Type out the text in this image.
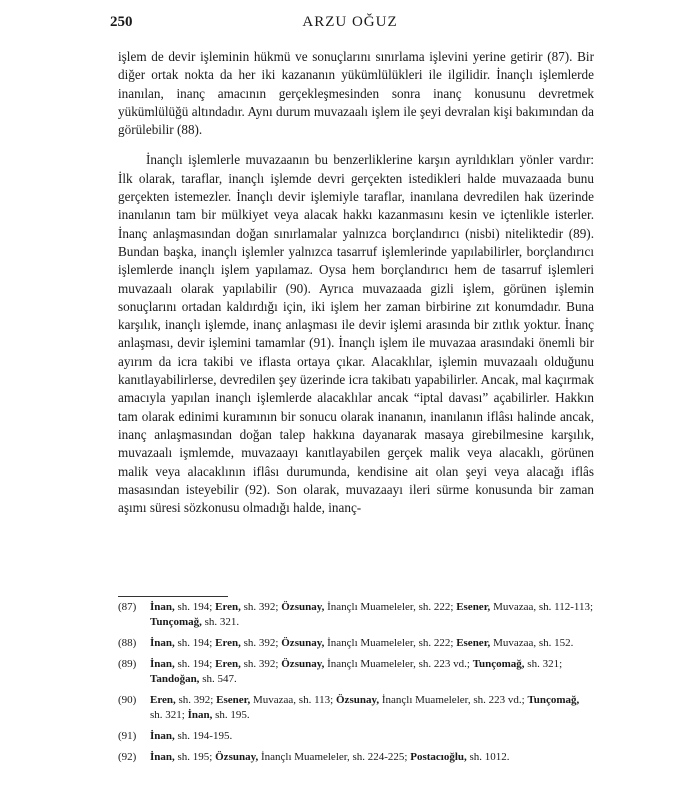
250	ARZU OĞUZ

işlem de devir işleminin hükmü ve sonuçlarını sınırlama işlevini yerine getirir (87). Bir diğer ortak nokta da her iki kazananın yükümlülükleri ile ilgilidir. İnançlı işlemlerde inanılan, inanç amacının gerçekleşmesinden sonra inanç konusunu devretmek yükümlülüğü altındadır. Aynı durum muvazaalı işlem ile şeyi devralan kişi bakımından da görülebilir (88).

İnançlı işlemlerle muvazaanın bu benzerliklerine karşın ayrıldıkları yönler vardır: İlk olarak, taraflar, inançlı işlemde devri gerçekten istedikleri halde muvazaada bunu gerçekten istemezler. İnançlı devir işlemiyle taraflar, inanılana devredilen hak üzerinde inanılanın tam bir mülkiyet veya alacak hakkı kazanmasını kesin ve içtenlikle isterler. İnanç anlaşmasından doğan sınırlamalar yalnızca borçlandırıcı (nisbi) niteliktedir (89). Bundan başka, inançlı işlemler yalnızca tasarruf işlemlerinde yapılabilirler, borçlandırıcı işlemlerde inançlı işlem yapılamaz. Oysa hem borçlandırıcı hem de tasarruf işlemleri muvazaalı olarak yapılabilir (90). Ayrıca muvazaada gizli işlem, görünen işlemin sonuçlarını ortadan kaldırdığı için, iki işlem her zaman birbirine zıt konumdadır. Buna karşılık, inançlı işlemde, inanç anlaşması ile devir işlemi arasında bir zıtlık yoktur. İnanç anlaşması, devir işlemini tamamlar (91). İnançlı işlem ile muvazaa arasındaki önemli bir ayırım da icra takibi ve iflasta ortaya çıkar. Alacaklılar, işlemin muvazaalı olduğunu kanıtlayabilirlerse, devredilen şey üzerinde icra takibatı yapabilirler. Ancak, mal kaçırmak amacıyla yapılan inançlı işlemlerde alacaklılar ancak “iptal davası” açabilirler. Hakkın tam olarak edinimi kuramının bir sonucu olarak inananın, inanılanın iflâsı halinde ancak, inanç anlaşmasından doğan talep hakkına dayanarak masaya girebilmesine karşılık, muvazaalı işmlemde, muvazaayı kanıtlayabilen gerçek malik veya alacaklı, görünen malik veya alacaklının iflâsı durumunda, kendisine ait olan şeyi veya alacağı iflâs masasından isteyebilir (92). Son olarak, muvazaayı ileri sürme konusunda bir zaman aşımı süresi sözkonusu olmadığı halde, inanç-

(87) İnan, sh. 194; Eren, sh. 392; Özsunay, İnançlı Muameleler, sh. 222; Esener, Muvazaa, sh. 112-113; Tunçomağ, sh. 321.
(88) İnan, sh. 194; Eren, sh. 392; Özsunay, İnançlı Muameleler, sh. 222; Esener, Muvazaa, sh. 152.
(89) İnan, sh. 194; Eren, sh. 392; Özsunay, İnançlı Muameleler, sh. 223 vd.; Tunçomağ, sh. 321; Tandoğan, sh. 547.
(90) Eren, sh. 392; Esener, Muvazaa, sh. 113; Özsunay, İnançlı Muameleler, sh. 223 vd.; Tunçomağ, sh. 321; İnan, sh. 195.
(91) İnan, sh. 194-195.
(92) İnan, sh. 195; Özsunay, İnançlı Muameleler, sh. 224-225; Postacıoğlu, sh. 1012.
